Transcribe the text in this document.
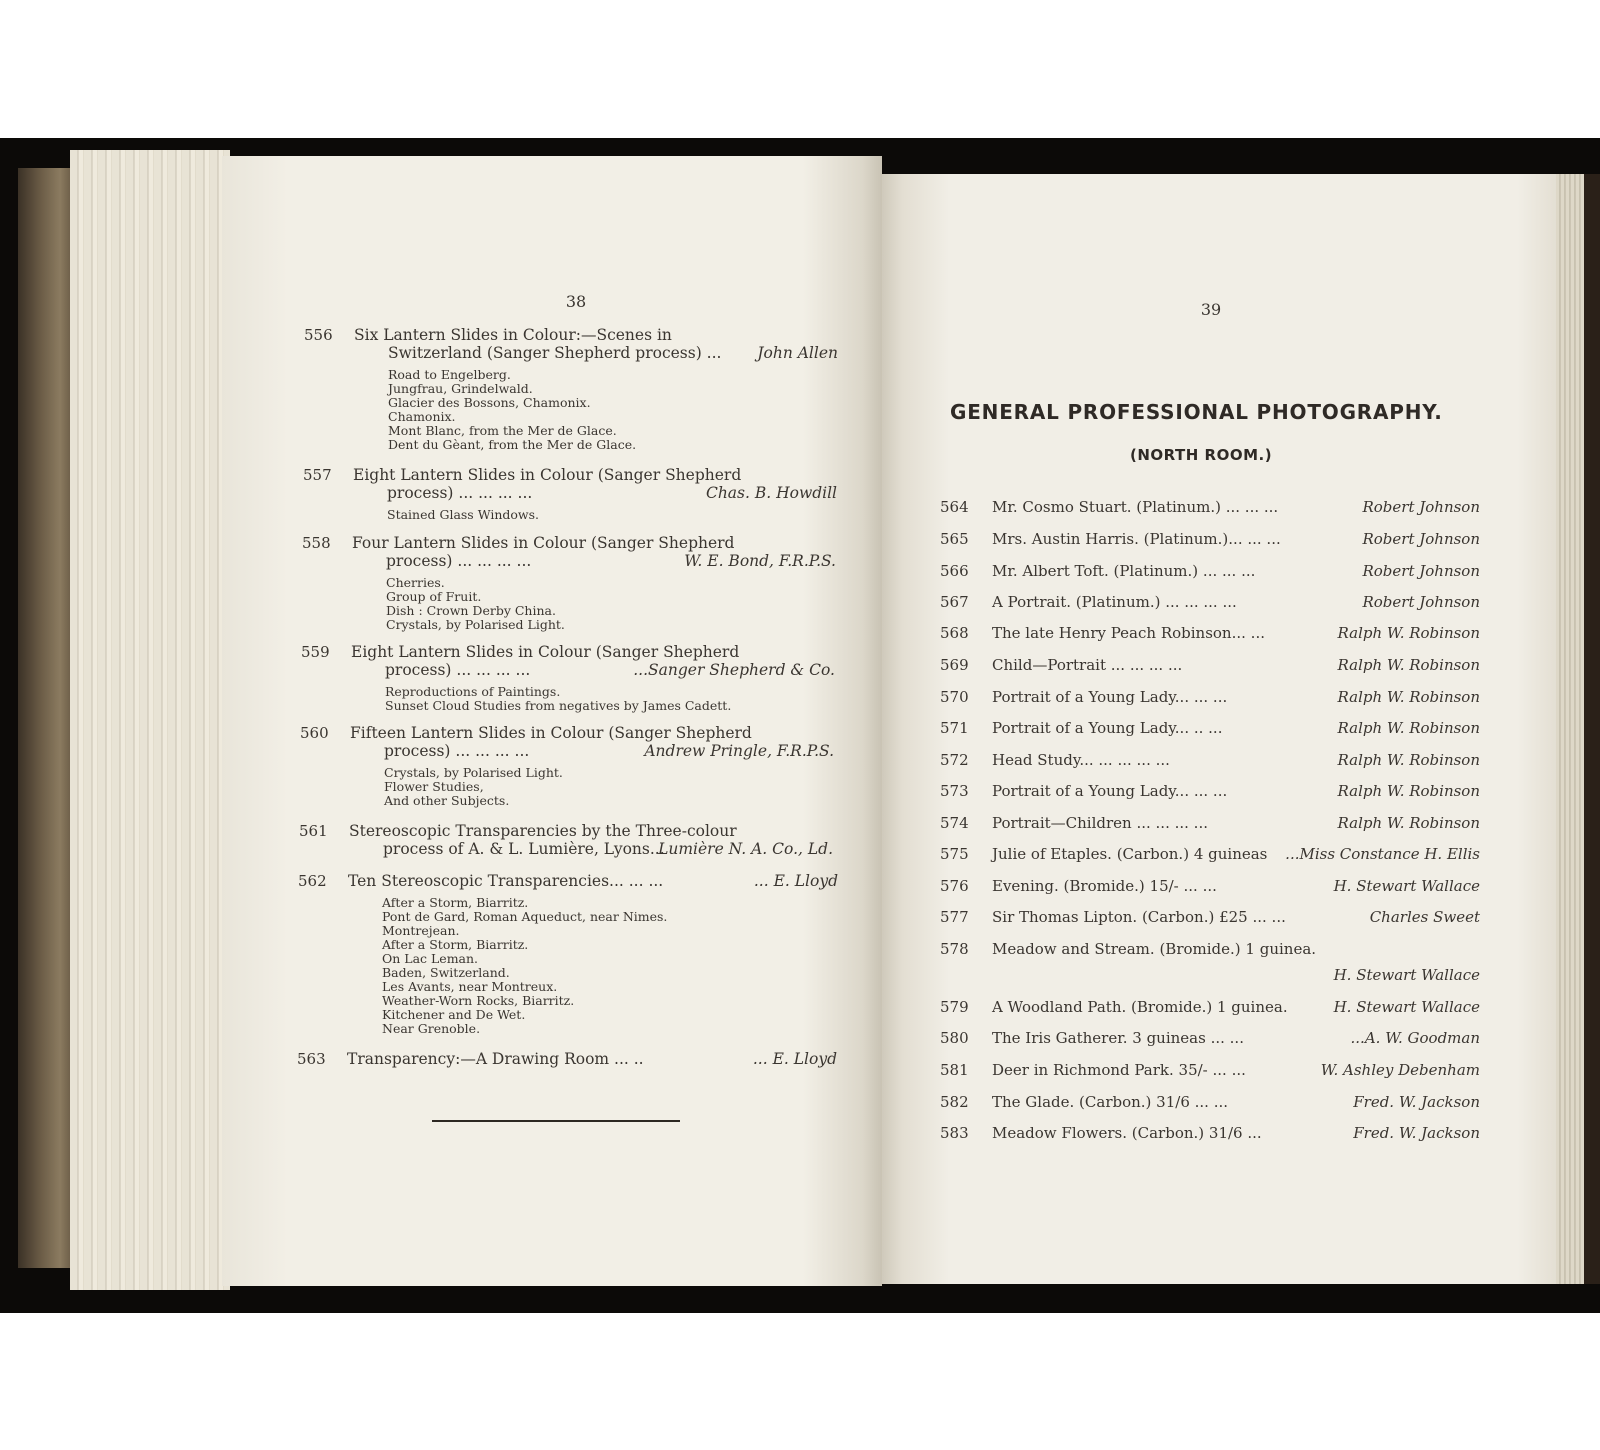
38
556 Six Lantern Slides in Colour:—Scenes in
Switzerland (Sanger Shepherd process) ... John Allen
Road to Engelberg.
Jungfrau, Grindelwald.
Glacier des Bossons, Chamonix.
Chamonix.
Mont Blanc, from the Mer de Glace.
Dent du Gèant, from the Mer de Glace.
557 Eight Lantern Slides in Colour (Sanger Shepherd
process) ... ... ... ...	Chas. B. Howdill
Stained Glass Windows.
558 Four Lantern Slides in Colour (Sanger Shepherd
process) ... ... ... ...	W. E. Bond, F.R.P.S.
Cherries.
Group of Fruit.
Dish : Crown Derby China.
Crystals, by Polarised Light.
559 Eight Lantern Slides in Colour (Sanger Shepherd
process) ... ... ... ...	...Sanger Shepherd & Co.
Reproductions of Paintings.
Sunset Cloud Studies from negatives by James Cadett.
560 Fifteen Lantern Slides in Colour (Sanger Shepherd
process) ... ... ... ...	Andrew Pringle, F.R.P.S.
Crystals, by Polarised Light.
Flower Studies,
And other Subjects.
561 Stereoscopic Transparencies by the Three-colour
process of A. & L. Lumière, Lyons...
Lumière N. A. Co., Ld.
562 Ten Stereoscopic Transparencies... ... ...	... E. Lloyd
After a Storm, Biarritz.
Pont de Gard, Roman Aqueduct, near Nimes.
Montrejean.
After a Storm, Biarritz.
On Lac Leman.
Baden, Switzerland.
Les Avants, near Montreux.
Weather-Worn Rocks, Biarritz.
Kitchener and De Wet.
Near Grenoble.
563 Transparency:—A Drawing Room ... ..	... E. Lloyd
39
GENERAL PROFESSIONAL PHOTOGRAPHY.
(NORTH ROOM.)
564 Mr. Cosmo Stuart. (Platinum.) ... ... ...	Robert Johnson
565 Mrs. Austin Harris. (Platinum.)... ... ...	Robert Johnson
566 Mr. Albert Toft. (Platinum.) ... ... ...	Robert Johnson
567 A Portrait. (Platinum.) ... ... ... ...	Robert Johnson
568 The late Henry Peach Robinson... ...	Ralph W. Robinson
569 Child—Portrait ... ... ... ...	Ralph W. Robinson
570 Portrait of a Young Lady... ... ...	Ralph W. Robinson
571 Portrait of a Young Lady... .. ...	Ralph W. Robinson
572 Head Study... ... ... ... ...	Ralph W. Robinson
573 Portrait of a Young Lady... ... ...	Ralph W. Robinson
574 Portrait—Children ... ... ... ...	Ralph W. Robinson
575 Julie of Etaples. (Carbon.) 4 guineas ...Miss Constance H. Ellis
576 Evening. (Bromide.) 15/- ... ...	H. Stewart Wallace
577 Sir Thomas Lipton. (Carbon.) £25 ... ...	Charles Sweet
578 Meadow and Stream. (Bromide.) 1 guinea.
H. Stewart Wallace
579 A Woodland Path. (Bromide.) 1 guinea.	H. Stewart Wallace
580 The Iris Gatherer. 3 guineas ... ...	...A. W. Goodman
581 Deer in Richmond Park. 35/- ... ...	W. Ashley Debenham
582 The Glade. (Carbon.) 31/6 ... ...	Fred. W. Jackson
583 Meadow Flowers. (Carbon.) 31/6 ...	Fred. W. Jackson
